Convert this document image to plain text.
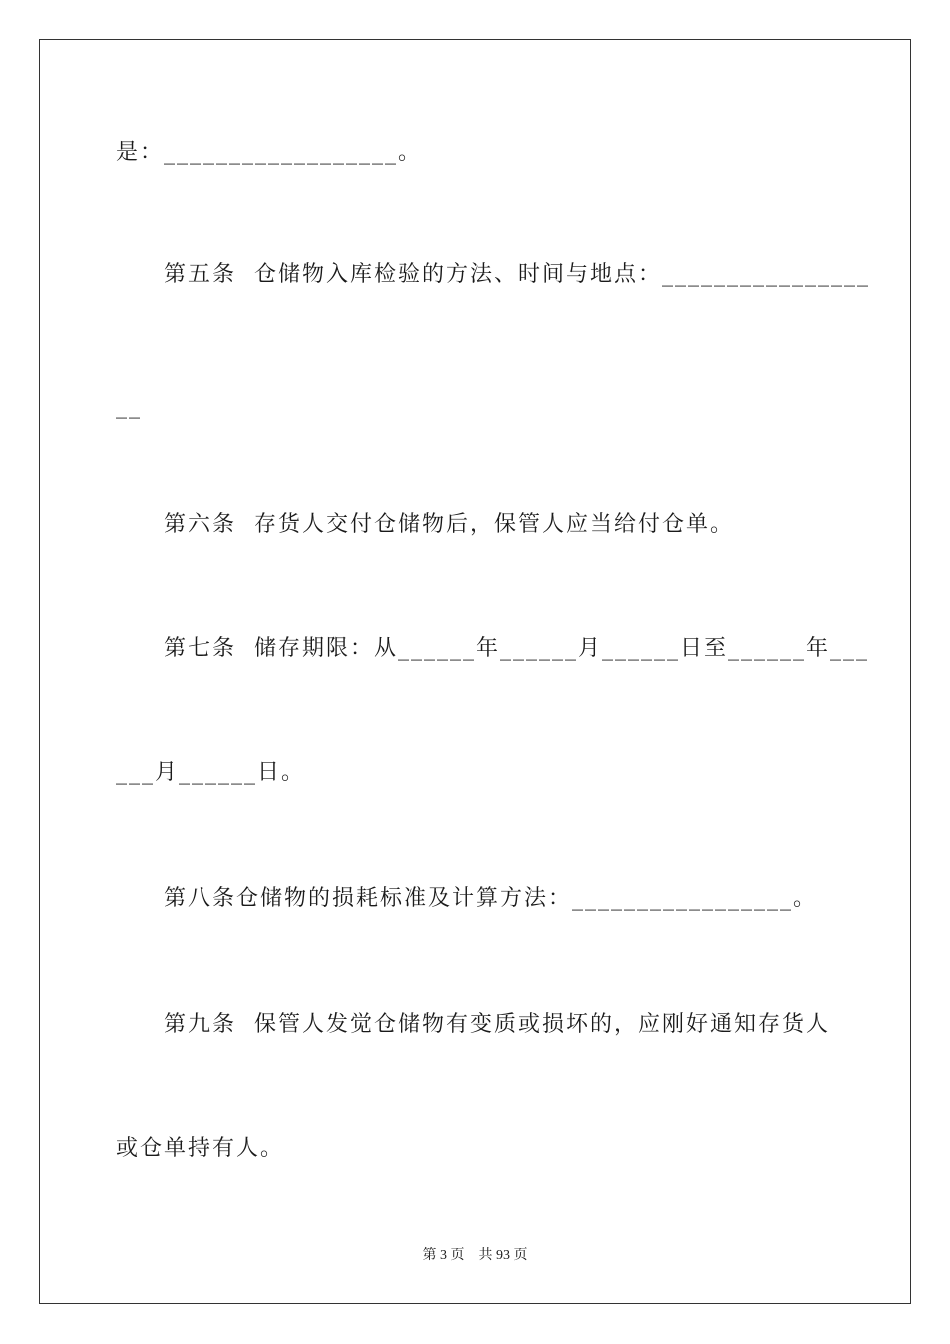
是：__________________。
第五条  仓储物入库检验的方法、时间与地点：________________
__
第六条  存货人交付仓储物后，保管人应当给付仓单。
第七条  储存期限：从______年______月______日至______年___
___月______日。
第八条仓储物的损耗标准及计算方法：_________________。
第九条  保管人发觉仓储物有变质或损坏的，应刚好通知存货人
或仓单持有人。
第 3 页    共 93 页
